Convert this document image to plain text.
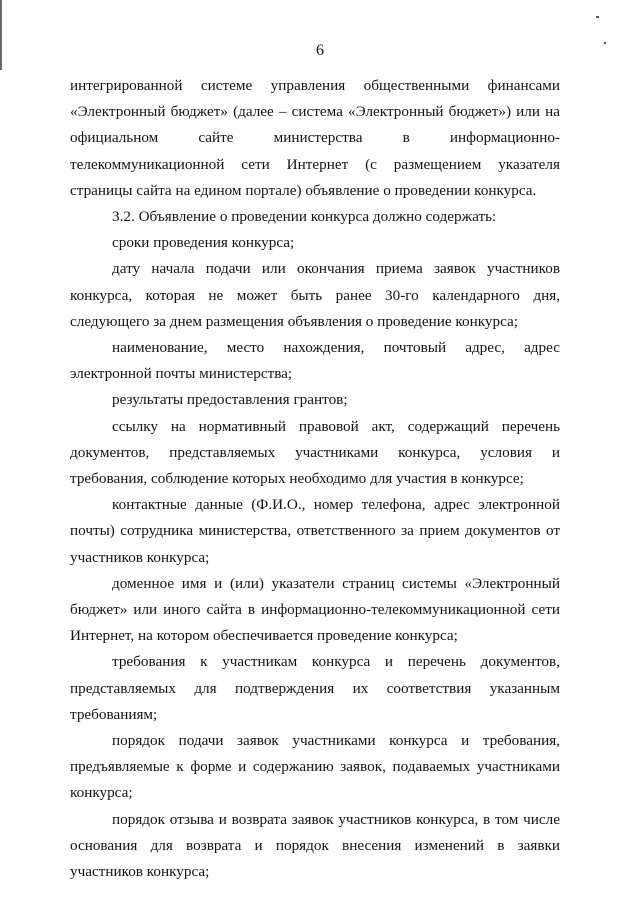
6

интегрированной системе управления общественными финансами «Электронный бюджет» (далее – система «Электронный бюджет») или на официальном сайте министерства в информационно-телекоммуникационной сети Интернет (с размещением указателя страницы сайта на едином портале) объявление о проведении конкурса.

3.2. Объявление о проведении конкурса должно содержать:

сроки проведения конкурса;

дату начала подачи или окончания приема заявок участников конкурса, которая не может быть ранее 30-го календарного дня, следующего за днем размещения объявления о проведение конкурса;

наименование, место нахождения, почтовый адрес, адрес электронной почты министерства;

результаты предоставления грантов;

ссылку на нормативный правовой акт, содержащий перечень документов, представляемых участниками конкурса, условия и требования, соблюдение которых необходимо для участия в конкурсе;

контактные данные (Ф.И.О., номер телефона, адрес электронной почты) сотрудника министерства, ответственного за прием документов от участников конкурса;

доменное имя и (или) указатели страниц системы «Электронный бюджет» или иного сайта в информационно-телекоммуникационной сети Интернет, на котором обеспечивается проведение конкурса;

требования к участникам конкурса и перечень документов, представляемых для подтверждения их соответствия указанным требованиям;

порядок подачи заявок участниками конкурса и требования, предъявляемые к форме и содержанию заявок, подаваемых участниками конкурса;

порядок отзыва и возврата заявок участников конкурса, в том числе основания для возврата и порядок внесения изменений в заявки участников конкурса;
